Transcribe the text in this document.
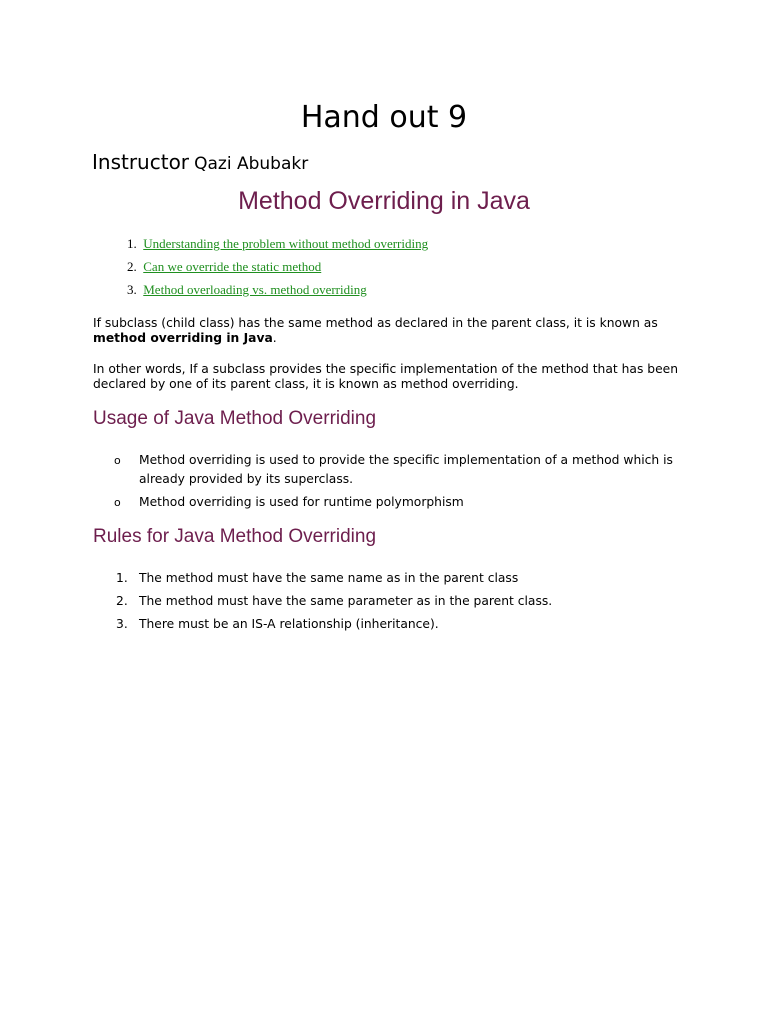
Hand out 9
Instructor Qazi Abubakr
Method Overriding in Java
1. Understanding the problem without method overriding
2. Can we override the static method
3. Method overloading vs. method overriding

If subclass (child class) has the same method as declared in the parent class, it is known as method overriding in Java.

In other words, If a subclass provides the specific implementation of the method that has been declared by one of its parent class, it is known as method overriding.

Usage of Java Method Overriding
o Method overriding is used to provide the specific implementation of a method which is already provided by its superclass.
o Method overriding is used for runtime polymorphism
Rules for Java Method Overriding
1. The method must have the same name as in the parent class
2. The method must have the same parameter as in the parent class.
3. There must be an IS-A relationship (inheritance).
